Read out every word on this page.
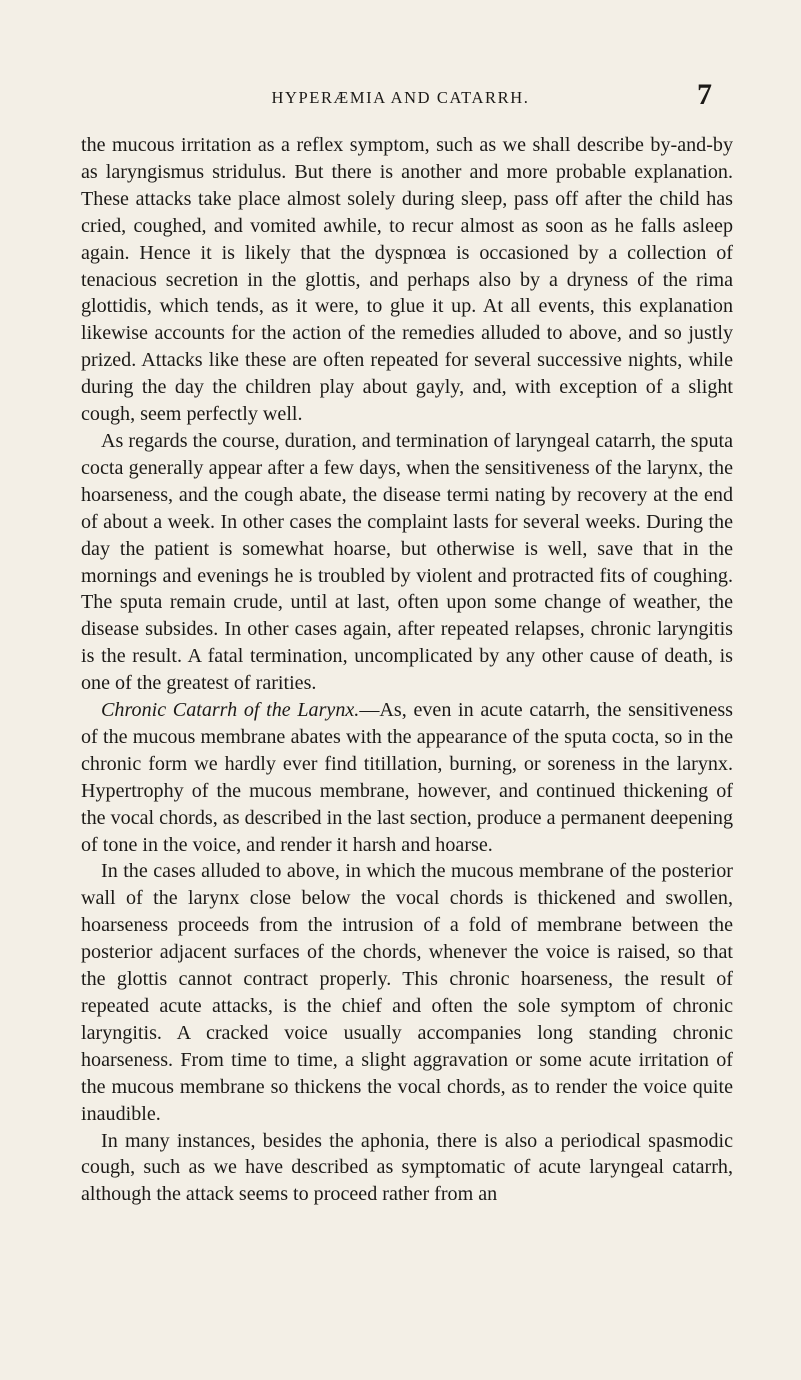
HYPERÆMIA AND CATARRH.	7

the mucous irritation as a reflex symptom, such as we shall describe by-and-by as laryngismus stridulus. But there is another and more probable explanation. These attacks take place almost solely during sleep, pass off after the child has cried, coughed, and vomited awhile, to recur almost as soon as he falls asleep again. Hence it is likely that the dyspnœa is occasioned by a collection of tenacious secretion in the glottis, and perhaps also by a dryness of the rima glottidis, which tends, as it were, to glue it up. At all events, this explanation likewise accounts for the action of the remedies alluded to above, and so justly prized. Attacks like these are often repeated for several successive nights, while during the day the children play about gayly, and, with exception of a slight cough, seem perfectly well.

As regards the course, duration, and termination of laryngeal catarrh, the sputa cocta generally appear after a few days, when the sensitiveness of the larynx, the hoarseness, and the cough abate, the disease termi nating by recovery at the end of about a week. In other cases the complaint lasts for several weeks. During the day the patient is somewhat hoarse, but otherwise is well, save that in the mornings and evenings he is troubled by violent and protracted fits of coughing. The sputa remain crude, until at last, often upon some change of weather, the disease subsides. In other cases again, after repeated relapses, chronic laryngitis is the result. A fatal termination, uncomplicated by any other cause of death, is one of the greatest of rarities.

Chronic Catarrh of the Larynx.—As, even in acute catarrh, the sensitiveness of the mucous membrane abates with the appearance of the sputa cocta, so in the chronic form we hardly ever find titillation, burning, or soreness in the larynx. Hypertrophy of the mucous membrane, however, and continued thickening of the vocal chords, as described in the last section, produce a permanent deepening of tone in the voice, and render it harsh and hoarse.

In the cases alluded to above, in which the mucous membrane of the posterior wall of the larynx close below the vocal chords is thickened and swollen, hoarseness proceeds from the intrusion of a fold of membrane between the posterior adjacent surfaces of the chords, whenever the voice is raised, so that the glottis cannot contract properly. This chronic hoarseness, the result of repeated acute attacks, is the chief and often the sole symptom of chronic laryngitis. A cracked voice usually accompanies long standing chronic hoarseness. From time to time, a slight aggravation or some acute irritation of the mucous membrane so thickens the vocal chords, as to render the voice quite inaudible.

In many instances, besides the aphonia, there is also a periodical spasmodic cough, such as we have described as symptomatic of acute laryngeal catarrh, although the attack seems to proceed rather from an
